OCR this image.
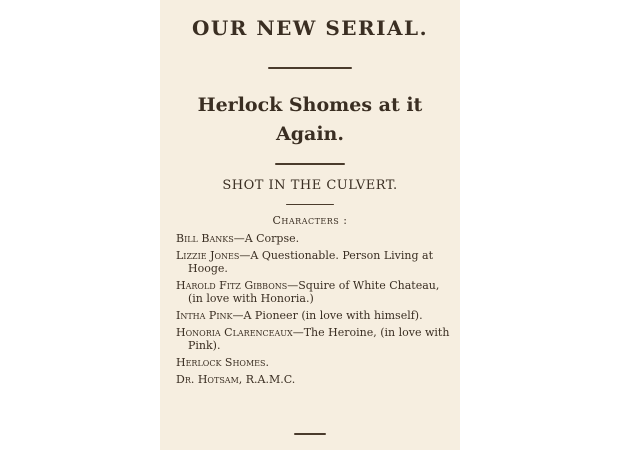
OUR NEW SERIAL.
Herlock Shomes at it
Again.
SHOT IN THE CULVERT.
Characters :
Bill Banks—A Corpse.
Lizzie Jones—A Questionable. Person Living at Hooge.
Harold Fitz Gibbons—Squire of White Chateau, (in love with Honoria.)
Intha Pink—A Pioneer (in love with himself).
Honoria Clarenceaux—The Heroine, (in love with Pink).
Herlock Shomes.
Dr. Hotsam, R.A.M.C.
